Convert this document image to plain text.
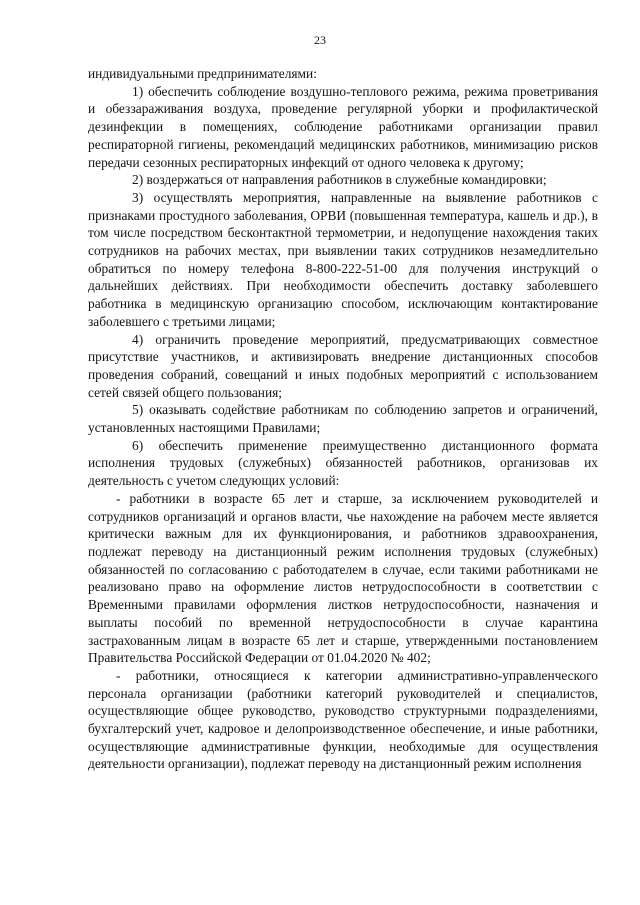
23

индивидуальными предпринимателями:

1) обеспечить соблюдение воздушно-теплового режима, режима проветривания и обеззараживания воздуха, проведение регулярной уборки и профилактической дезинфекции в помещениях, соблюдение работниками организации правил респираторной гигиены, рекомендаций медицинских работников, минимизацию рисков передачи сезонных респираторных инфекций от одного человека к другому;

2) воздержаться от направления работников в служебные командировки;

3) осуществлять мероприятия, направленные на выявление работников с признаками простудного заболевания, ОРВИ (повышенная температура, кашель и др.), в том числе посредством бесконтактной термометрии, и недопущение нахождения таких сотрудников на рабочих местах, при выявлении таких сотрудников незамедлительно обратиться по номеру телефона 8-800-222-51-00 для получения инструкций о дальнейших действиях. При необходимости обеспечить доставку заболевшего работника в медицинскую организацию способом, исключающим контактирование заболевшего с третьими лицами;

4) ограничить проведение мероприятий, предусматривающих совместное присутствие участников, и активизировать внедрение дистанционных способов проведения собраний, совещаний и иных подобных мероприятий с использованием сетей связей общего пользования;

5) оказывать содействие работникам по соблюдению запретов и ограничений, установленных настоящими Правилами;

6) обеспечить применение преимущественно дистанционного формата исполнения трудовых (служебных) обязанностей работников, организовав их деятельность с учетом следующих условий:

- работники в возрасте 65 лет и старше, за исключением руководителей и сотрудников организаций и органов власти, чье нахождение на рабочем месте является критически важным для их функционирования, и работников здравоохранения, подлежат переводу на дистанционный режим исполнения трудовых (служебных) обязанностей по согласованию с работодателем в случае, если такими работниками не реализовано право на оформление листов нетрудоспособности в соответствии с Временными правилами оформления листков нетрудоспособности, назначения и выплаты пособий по временной нетрудоспособности в случае карантина застрахованным лицам в возрасте 65 лет и старше, утвержденными постановлением Правительства Российской Федерации от 01.04.2020 № 402;

- работники, относящиеся к категории административно-управленческого персонала организации (работники категорий руководителей и специалистов, осуществляющие общее руководство, руководство структурными подразделениями, бухгалтерский учет, кадровое и делопроизводственное обеспечение, и иные работники, осуществляющие административные функции, необходимые для осуществления деятельности организации), подлежат переводу на дистанционный режим исполнения
